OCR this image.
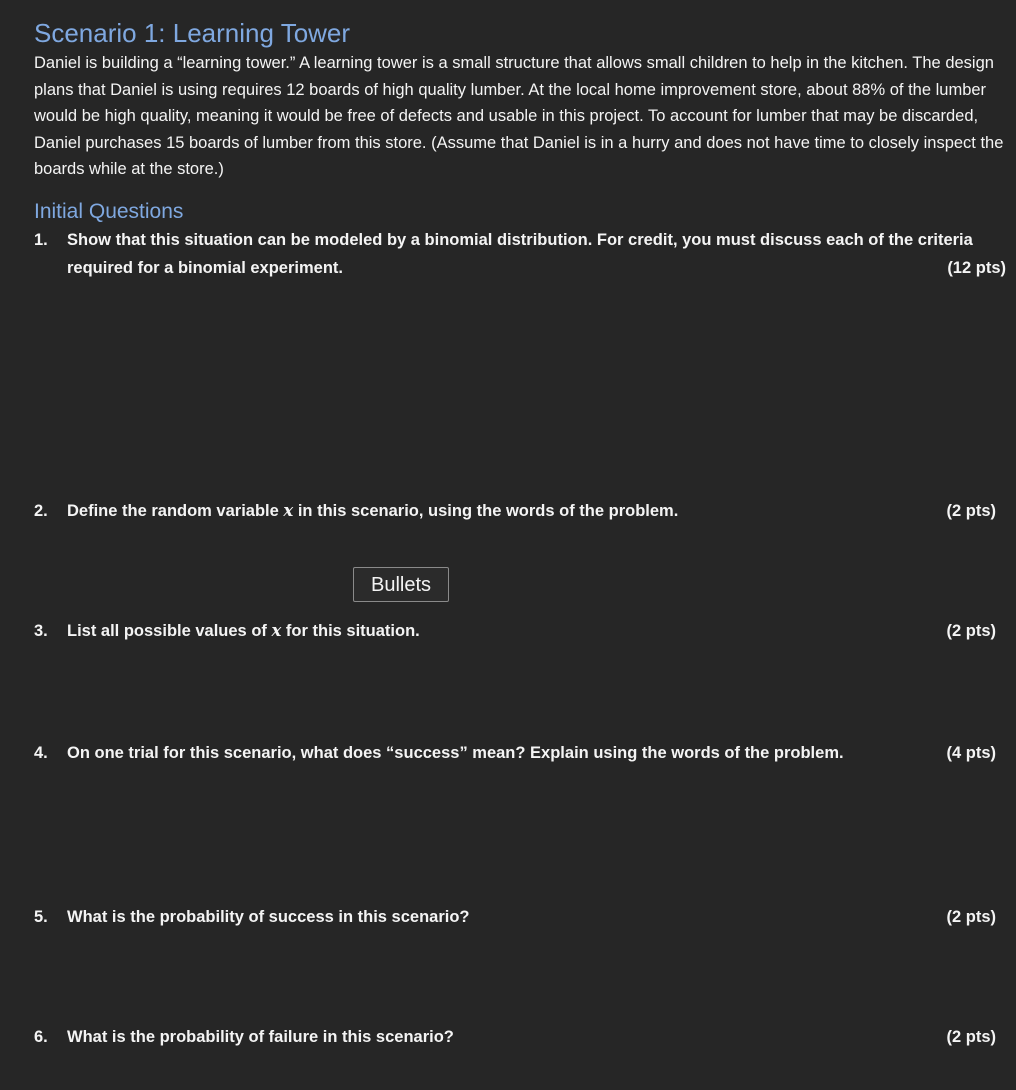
Scenario 1: Learning Tower

Daniel is building a “learning tower.” A learning tower is a small structure that allows small children to help in the kitchen. The design plans that Daniel is using requires 12 boards of high quality lumber. At the local home improvement store, about 88% of the lumber would be high quality, meaning it would be free of defects and usable in this project. To account for lumber that may be discarded, Daniel purchases 15 boards of lumber from this store. (Assume that Daniel is in a hurry and does not have time to closely inspect the boards while at the store.)

Initial Questions
1. Show that this situation can be modeled by a binomial distribution. For credit, you must discuss each of the criteria required for a binomial experiment.	(12 pts)
2. Define the random variable x in this scenario, using the words of the problem.	(2 pts)
Bullets
3. List all possible values of x for this situation.	(2 pts)
4. On one trial for this scenario, what does “success” mean? Explain using the words of the problem.	(4 pts)
5. What is the probability of success in this scenario?	(2 pts)
6. What is the probability of failure in this scenario?	(2 pts)
